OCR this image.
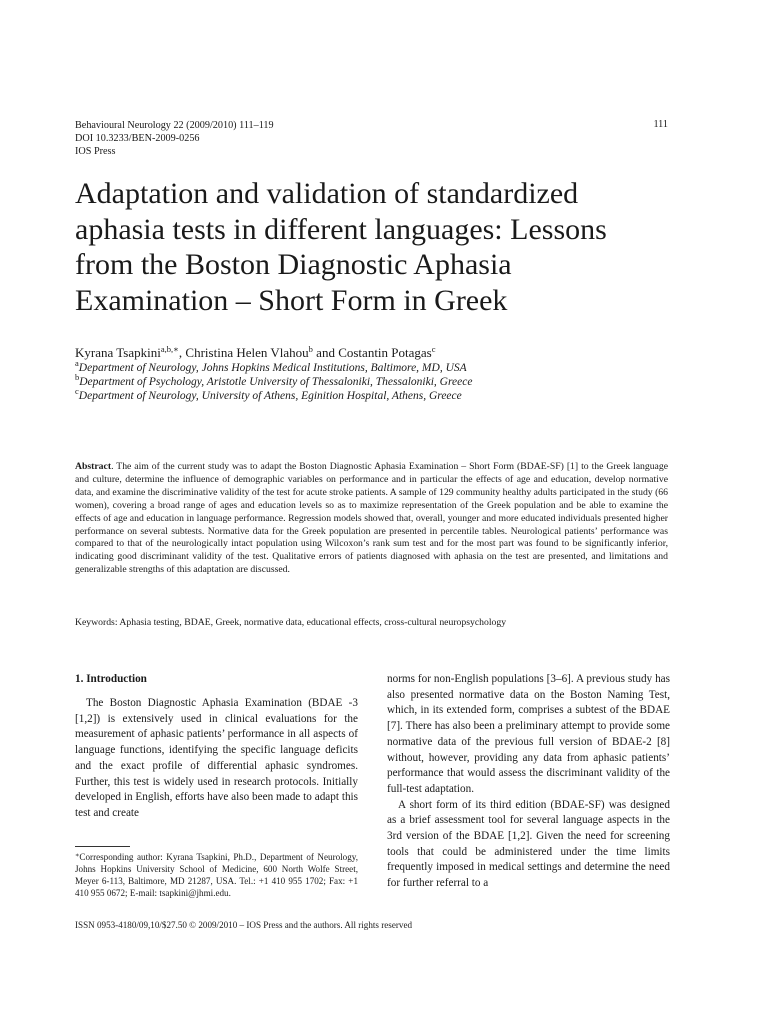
Behavioural Neurology 22 (2009/2010) 111–119
DOI 10.3233/BEN-2009-0256
IOS Press
111
Adaptation and validation of standardized
aphasia tests in different languages: Lessons
from the Boston Diagnostic Aphasia
Examination – Short Form in Greek
Kyrana Tsapkini$^{a,b,∗}$, Christina Helen Vlahou$^b$ and Costantin Potagas$^c$
$^a$Department of Neurology, Johns Hopkins Medical Institutions, Baltimore, MD, USA
$^b$Department of Psychology, Aristotle University of Thessaloniki, Thessaloniki, Greece
$^c$Department of Neurology, University of Athens, Eginition Hospital, Athens, Greece

Abstract. The aim of the current study was to adapt the Boston Diagnostic Aphasia Examination – Short Form (BDAE-SF) [1] to the Greek language and culture, determine the influence of demographic variables on performance and in particular the effects of age and education, develop normative data, and examine the discriminative validity of the test for acute stroke patients. A sample of 129 community healthy adults participated in the study (66 women), covering a broad range of ages and education levels so as to maximize representation of the Greek population and be able to examine the effects of age and education in language performance. Regression models showed that, overall, younger and more educated individuals presented higher performance on several subtests. Normative data for the Greek population are presented in percentile tables. Neurological patients’ performance was compared to that of the neurologically intact population using Wilcoxon’s rank sum test and for the most part was found to be significantly inferior, indicating good discriminant validity of the test. Qualitative errors of patients diagnosed with aphasia on the test are presented, and limitations and generalizable strengths of this adaptation are discussed.

Keywords: Aphasia testing, BDAE, Greek, normative data, educational effects, cross-cultural neuropsychology
1. Introduction

The Boston Diagnostic Aphasia Examination (BDAE -3 [1,2]) is extensively used in clinical evaluations for the measurement of aphasic patients’ performance in all aspects of language functions, identifying the specific language deficits and the exact profile of differential aphasic syndromes. Further, this test is widely used in research protocols. Initially developed in English, efforts have also been made to adapt this test and create

norms for non-English populations [3–6]. A previous study has also presented normative data on the Boston Naming Test, which, in its extended form, comprises a subtest of the BDAE [7]. There has also been a preliminary attempt to provide some normative data of the previous full version of BDAE-2 [8] without, however, providing any data from aphasic patients’ performance that would assess the discriminant validity of the full-test adaptation.

A short form of its third edition (BDAE-SF) was designed as a brief assessment tool for several language aspects in the 3rd version of the BDAE [1,2]. Given the need for screening tools that could be administered under the time limits frequently imposed in medical settings and determine the need for further referral to a

∗Corresponding author: Kyrana Tsapkini, Ph.D., Department of Neurology, Johns Hopkins University School of Medicine, 600 North Wolfe Street, Meyer 6-113, Baltimore, MD 21287, USA. Tel.: +1 410 955 1702; Fax: +1 410 955 0672; E-mail: tsapkini@jhmi.edu.

ISSN 0953-4180/09,10/$27.50 © 2009/2010 – IOS Press and the authors. All rights reserved
